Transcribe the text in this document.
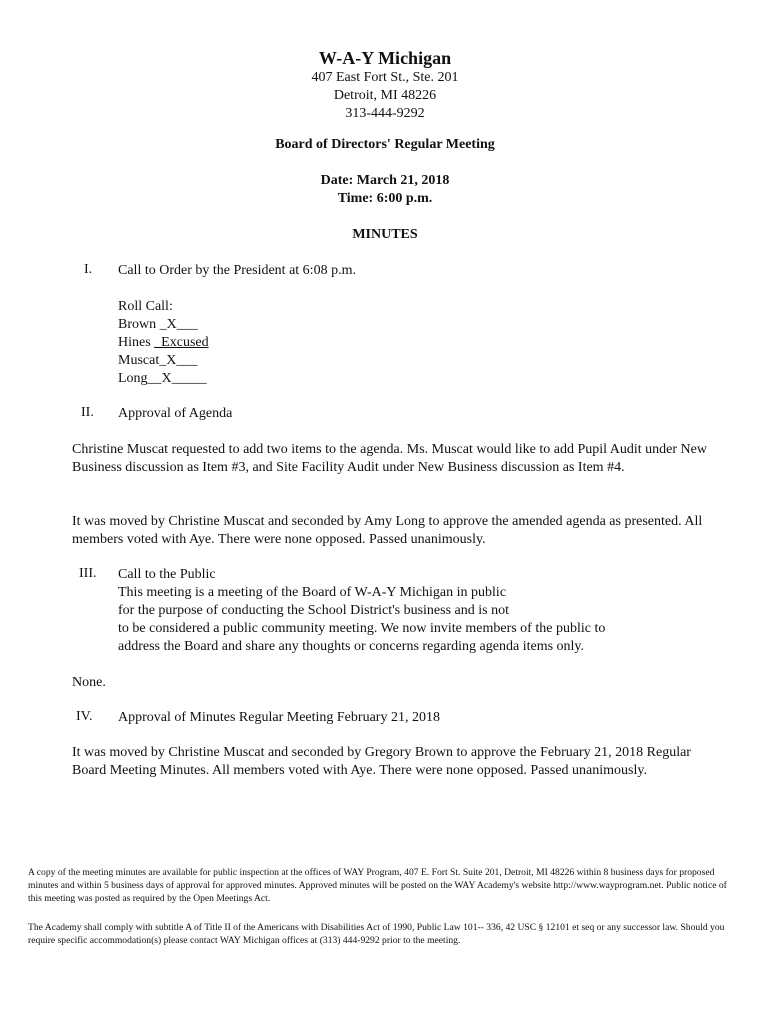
W-A-Y Michigan
407 East Fort St., Ste. 201
Detroit, MI 48226
313-444-9292
Board of Directors' Regular Meeting
Date: March 21, 2018
Time: 6:00 p.m.
MINUTES
I. Call to Order by the President at 6:08 p.m.
Roll Call:
Brown _X___
Hines _Excused
Muscat_X___
Long__X_____
II. Approval of Agenda
Christine Muscat requested to add two items to the agenda. Ms. Muscat would like to add Pupil Audit under New Business discussion as Item #3, and Site Facility Audit under New Business discussion as Item #4.
It was moved by Christine Muscat and seconded by Amy Long to approve the amended agenda as presented. All members voted with Aye. There were none opposed. Passed unanimously.
III. Call to the Public
This meeting is a meeting of the Board of W-A-Y Michigan in public
for the purpose of conducting the School District's business and is not
to be considered a public community meeting. We now invite members of the public to
address the Board and share any thoughts or concerns regarding agenda items only.
None.
IV. Approval of Minutes Regular Meeting February 21, 2018
It was moved by Christine Muscat and seconded by Gregory Brown to approve the February 21, 2018 Regular Board Meeting Minutes. All members voted with Aye. There were none opposed. Passed unanimously.
A copy of the meeting minutes are available for public inspection at the offices of WAY Program, 407 E. Fort St. Suite 201, Detroit, MI 48226 within 8 business days for proposed minutes and within 5 business days of approval for approved minutes. Approved minutes will be posted on the WAY Academy's website http://www.wayprogram.net. Public notice of this meeting was posted as required by the Open Meetings Act.
The Academy shall comply with subtitle A of Title II of the Americans with Disabilities Act of 1990, Public Law 101-- 336, 42 USC § 12101 et seq or any successor law. Should you require specific accommodation(s) please contact WAY Michigan offices at (313) 444-9292 prior to the meeting.
